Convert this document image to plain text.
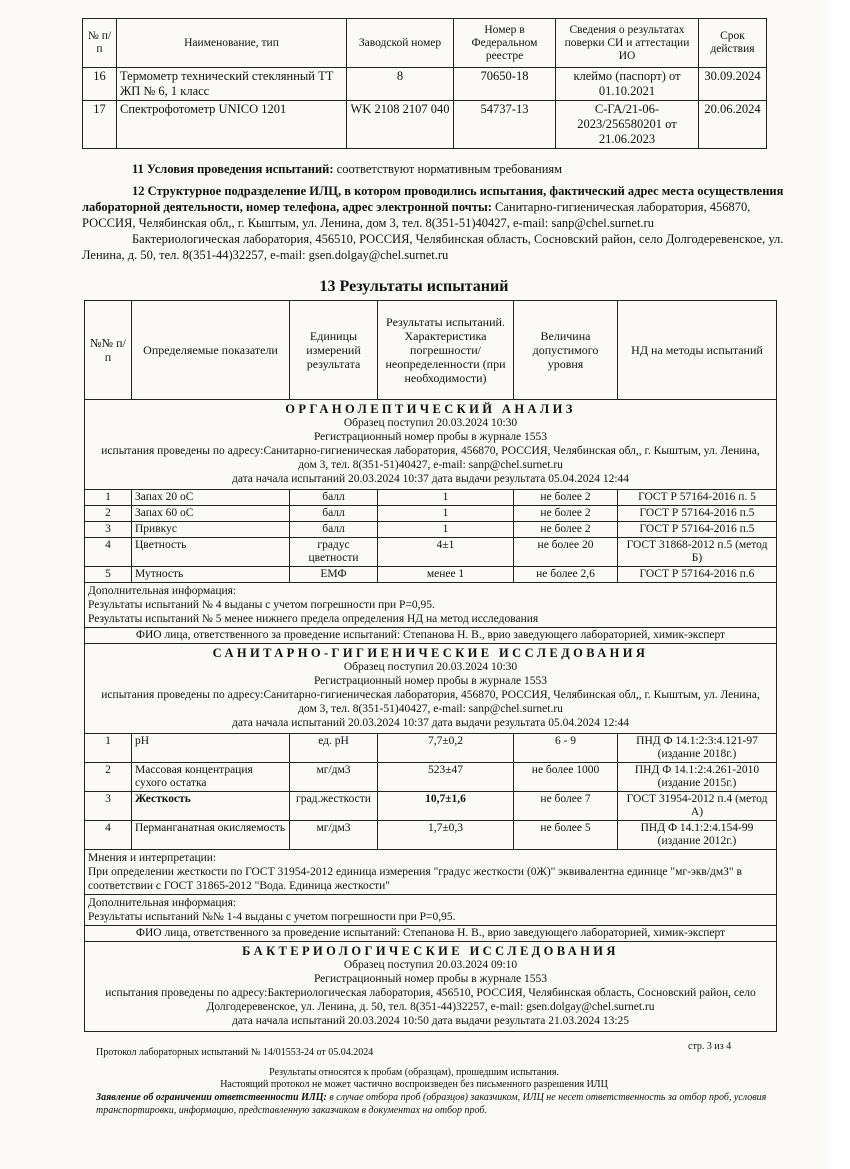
№ п/п	Наименование, тип	Заводской номер	Номер в Федеральном реестре	Сведения о результатах поверки СИ и аттестации ИО	Срок действия
16	Термометр технический стеклянный ТТ ЖП № 6, 1 класс	8	70650-18	клеймо (паспорт) от 01.10.2021	30.09.2024
17	Спектрофотометр UNICO 1201	WK 2108 2107 040	54737-13	С-ГА/21-06-2023/256580201 от 21.06.2023	20.06.2024
11 Условия проведения испытаний: соответствуют нормативным требованиям
12 Структурное подразделение ИЛЦ, в котором проводились испытания, фактический адрес места осуществления лабораторной деятельности, номер телефона, адрес электронной почты: Санитарно-гигиеническая лаборатория, 456870, РОССИЯ, Челябинская обл,, г. Кыштым, ул. Ленина, дом 3, тел. 8(351-51)40427, e-mail: sanp@chel.surnet.ru
Бактериологическая лаборатория, 456510, РОССИЯ, Челябинская область, Сосновский район, село Долгодеревенское, ул. Ленина, д. 50, тел. 8(351-44)32257, e-mail: gsen.dolgay@chel.surnet.ru
13 Результаты испытаний
№№ п/п	Определяемые показатели	Единицы измерений результата	Результаты испытаний. Характеристика погрешности/ неопределенности (при необходимости)	Величина допустимого уровня	НД на методы испытаний

ОРГАНОЛЕПТИЧЕСКИЙ АНАЛИЗ
Образец поступил 20.03.2024 10:30
Регистрационный номер пробы в журнале 1553
испытания проведены по адресу:Санитарно-гигиеническая лаборатория, 456870, РОССИЯ, Челябинская обл,, г. Кыштым, ул. Ленина, дом 3, тел. 8(351-51)40427, e-mail: sanp@chel.surnet.ru
дата начала испытаний 20.03.2024 10:37 дата выдачи результата 05.04.2024 12:44					

1	Запах 20 оС	балл	1	не более 2	ГОСТ Р 57164-2016 п. 5
2	Запах 60 оС	балл	1	не более 2	ГОСТ Р 57164-2016 п.5
3	Привкус	балл	1	не более 2	ГОСТ Р 57164-2016 п.5
4	Цветность	градус цветности	4±1	не более 20	ГОСТ 31868-2012 п.5 (метод Б)
5	Мутность	ЕМФ	менее 1	не более 2,6	ГОСТ Р 57164-2016 п.6

Дополнительная информация:
Результаты испытаний № 4 выданы с учетом погрешности при Р=0,95.
Результаты испытаний № 5 менее нижнего предела определения НД на метод исследования					

ФИО лица, ответственного за проведение испытаний: Степанова Н. В., врио заведующего лабораторией, химик-эксперт					

САНИТАРНО-ГИГИЕНИЧЕСКИЕ ИССЛЕДОВАНИЯ
Образец поступил 20.03.2024 10:30
Регистрационный номер пробы в журнале 1553
испытания проведены по адресу:Санитарно-гигиеническая лаборатория, 456870, РОССИЯ, Челябинская обл,, г. Кыштым, ул. Ленина, дом 3, тел. 8(351-51)40427, e-mail: sanp@chel.surnet.ru
дата начала испытаний 20.03.2024 10:37 дата выдачи результата 05.04.2024 12:44					

1	pH	ед. pH	7,7±0,2	6 - 9	ПНД Ф 14.1:2:3:4.121-97 (издание 2018г.)
2	Массовая концентрация сухого остатка	мг/дм3	523±47	не более 1000	ПНД Ф 14.1:2:4.261-2010 (издание 2015г.)
3	Жесткость	град.жесткости	10,7±1,6	не более 7	ГОСТ 31954-2012 п.4 (метод А)
4	Перманганатная окисляемость	мг/дм3	1,7±0,3	не более 5	ПНД Ф 14.1:2:4.154-99 (издание 2012г.)

Мнения и интерпретации:
При определении жесткости по ГОСТ 31954-2012 единица измерения "градус жесткости (0Ж)" эквивалентна единице "мг-экв/дм3" в соответствии с ГОСТ 31865-2012 "Вода. Единица жесткости"					

Дополнительная информация:
Результаты испытаний №№ 1-4 выданы с учетом погрешности при Р=0,95.					

ФИО лица, ответственного за проведение испытаний: Степанова Н. В., врио заведующего лабораторией, химик-эксперт					

БАКТЕРИОЛОГИЧЕСКИЕ ИССЛЕДОВАНИЯ
Образец поступил 20.03.2024 09:10
Регистрационный номер пробы в журнале 1553
испытания проведены по адресу:Бактериологическая лаборатория, 456510, РОССИЯ, Челябинская область, Сосновский район, село Долгодеревенское, ул. Ленина, д. 50, тел. 8(351-44)32257, e-mail: gsen.dolgay@chel.surnet.ru
дата начала испытаний 20.03.2024 10:50 дата выдачи результата 21.03.2024 13:25					
Протокол лабораторных испытаний № 14/01553-24 от 05.04.2024
стр. 3 из 4
Результаты относятся к пробам (образцам), прошедшим испытания.
Настоящий протокол не может частично воспроизведен без письменного разрешения ИЛЦ
Заявление об ограничении ответственности ИЛЦ: в случае отбора проб (образцов) заказчиком, ИЛЦ не несет ответственность за отбор проб, условия транспортировки, информацию, представленную заказчиком в документах на отбор проб.
